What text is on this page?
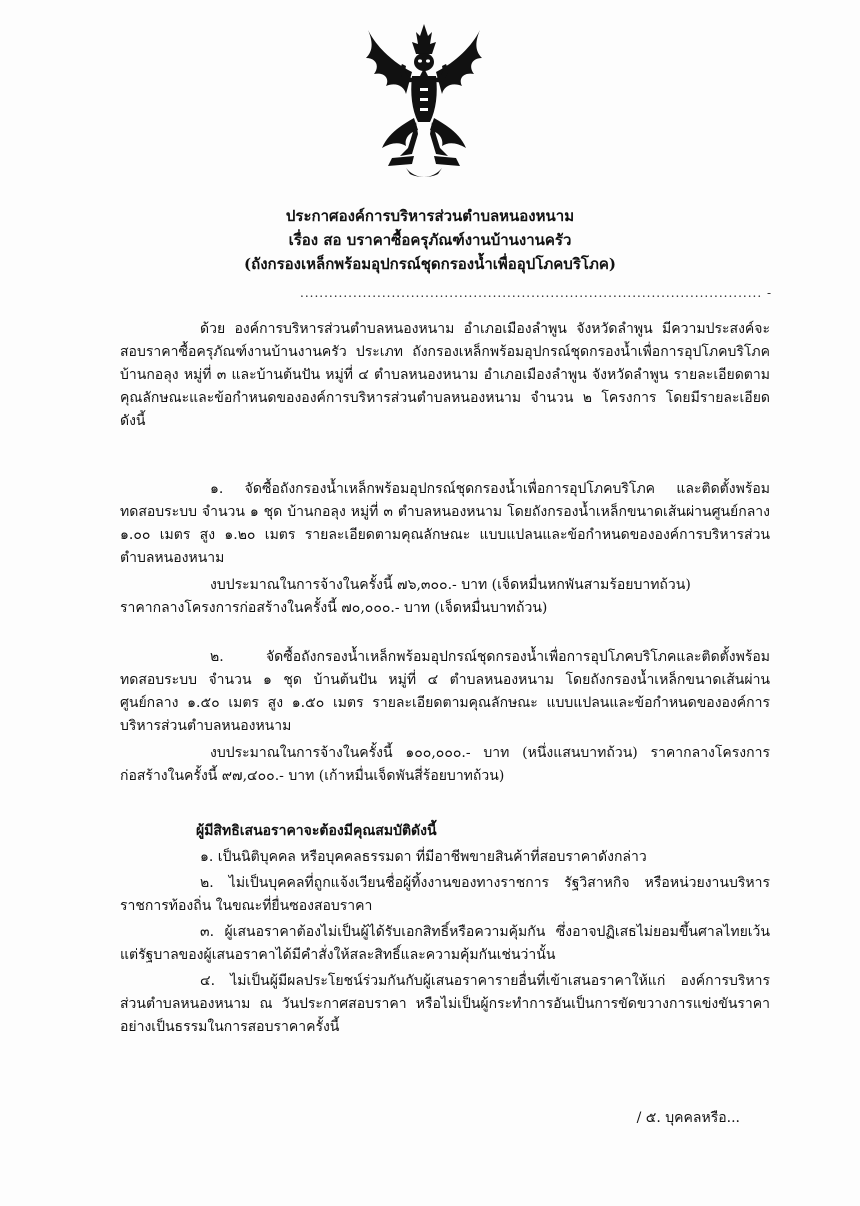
ประกาศองค์การบริหารส่วนตำบลหนองหนาม
เรื่อง สอ บราคาซื้อครุภัณฑ์งานบ้านงานครัว
(ถังกรองเหล็กพร้อมอุปกรณ์ชุดกรองน้ำเพื่ออุปโภคบริโภค)
................................................................................................ -

ด้วย องค์การบริหารส่วนตำบลหนองหนาม อำเภอเมืองลำพูน จังหวัดลำพูน มีความประสงค์จะสอบราคาซื้อครุภัณฑ์งานบ้านงานครัว ประเภท ถังกรองเหล็กพร้อมอุปกรณ์ชุดกรองน้ำเพื่อการอุปโภคบริโภค บ้านกอลุง หมู่ที่ ๓ และบ้านต้นปัน หมู่ที่ ๔ ตำบลหนองหนาม อำเภอเมืองลำพูน จังหวัดลำพูน รายละเอียดตามคุณลักษณะและข้อกำหนดขององค์การบริหารส่วนตำบลหนองหนาม จำนวน ๒ โครงการ โดยมีรายละเอียดดังนี้

๑. จัดซื้อถังกรองน้ำเหล็กพร้อมอุปกรณ์ชุดกรองน้ำเพื่อการอุปโภคบริโภค และติดตั้งพร้อมทดสอบระบบ จำนวน ๑ ชุด บ้านกอลุง หมู่ที่ ๓ ตำบลหนองหนาม โดยถังกรองน้ำเหล็กขนาดเส้นผ่านศูนย์กลาง ๑.๐๐ เมตร สูง ๑.๒๐ เมตร รายละเอียดตามคุณลักษณะ แบบแปลนและข้อกำหนดขององค์การบริหารส่วนตำบลหนองหนาม

งบประมาณในการจ้างในครั้งนี้ ๗๖,๓๐๐.- บาท (เจ็ดหมื่นหกพันสามร้อยบาทถ้วน)

ราคากลางโครงการก่อสร้างในครั้งนี้ ๗๐,๐๐๐.- บาท (เจ็ดหมื่นบาทถ้วน)

๒. จัดซื้อถังกรองน้ำเหล็กพร้อมอุปกรณ์ชุดกรองน้ำเพื่อการอุปโภคบริโภคและติดตั้งพร้อมทดสอบระบบ จำนวน ๑ ชุด บ้านต้นปัน หมู่ที่ ๔ ตำบลหนองหนาม โดยถังกรองน้ำเหล็กขนาดเส้นผ่านศูนย์กลาง ๑.๕๐ เมตร สูง ๑.๕๐ เมตร รายละเอียดตามคุณลักษณะ แบบแปลนและข้อกำหนดขององค์การบริหารส่วนตำบลหนองหนาม

งบประมาณในการจ้างในครั้งนี้ ๑๐๐,๐๐๐.- บาท (หนึ่งแสนบาทถ้วน) ราคากลางโครงการก่อสร้างในครั้งนี้ ๙๗,๔๐๐.- บาท (เก้าหมื่นเจ็ดพันสี่ร้อยบาทถ้วน)

ผู้มีสิทธิเสนอราคาจะต้องมีคุณสมบัติดังนี้

๑. เป็นนิติบุคคล หรือบุคคลธรรมดา ที่มีอาชีพขายสินค้าที่สอบราคาดังกล่าว

๒. ไม่เป็นบุคคลที่ถูกแจ้งเวียนชื่อผู้ทิ้งงานของทางราชการ รัฐวิสาหกิจ หรือหน่วยงานบริหารราชการท้องถิ่น ในขณะที่ยื่นซองสอบราคา

๓. ผู้เสนอราคาต้องไม่เป็นผู้ได้รับเอกสิทธิ์หรือความคุ้มกัน ซึ่งอาจปฏิเสธไม่ยอมขึ้นศาลไทยเว้นแต่รัฐบาลของผู้เสนอราคาได้มีคำสั่งให้สละสิทธิ์และความคุ้มกันเช่นว่านั้น

๔. ไม่เป็นผู้มีผลประโยชน์ร่วมกันกับผู้เสนอราคารายอื่นที่เข้าเสนอราคาให้แก่ องค์การบริหารส่วนตำบลหนองหนาม ณ วันประกาศสอบราคา หรือไม่เป็นผู้กระทำการอันเป็นการขัดขวางการแข่งขันราคาอย่างเป็นธรรมในการสอบราคาครั้งนี้

/ ๕. บุคคลหรือ...
